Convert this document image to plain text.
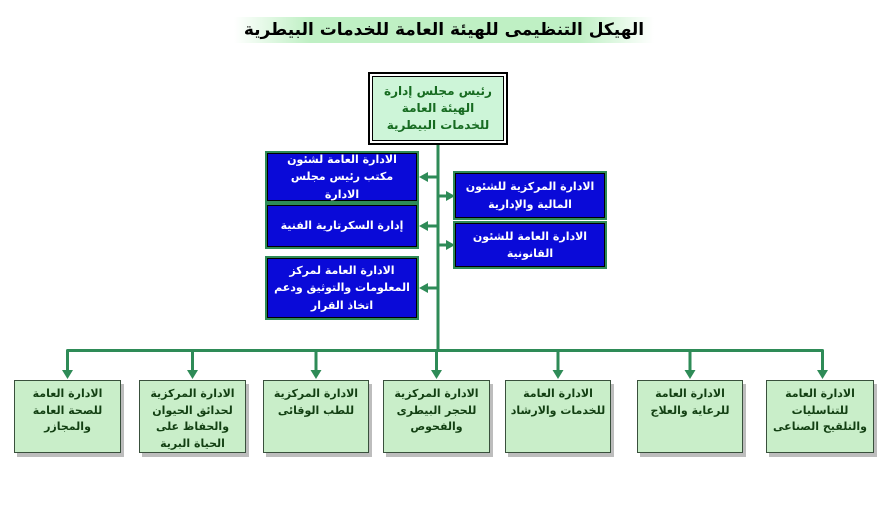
الهيكل التنظيمى للهيئة العامة للخدمات البيطرية
رئيس مجلس إدارة الهيئة العامة للخدمات البيطرية
الادارة العامة لشئون مكتب رئيس مجلس الادارة
إدارة السكرتارية الفنية
الادارة العامة لمركز المعلومات والتوثيق ودعم اتخاذ القرار
الادارة المركزية للشئون المالية والإدارية
الادارة العامة للشئون القانونية
الادارة العامة للصحة العامة والمجازر
الادارة المركزية لحدائق الحيوان والحفاظ على الحياة البرية
الادارة المركزية للطب الوقائى
الادارة المركزية للحجر البيطرى والفحوص
الادارة العامة للخدمات والارشاد
الادارة العامة للرعاية والعلاج
الادارة العامة للتناسليات والتلقيح الصناعى
